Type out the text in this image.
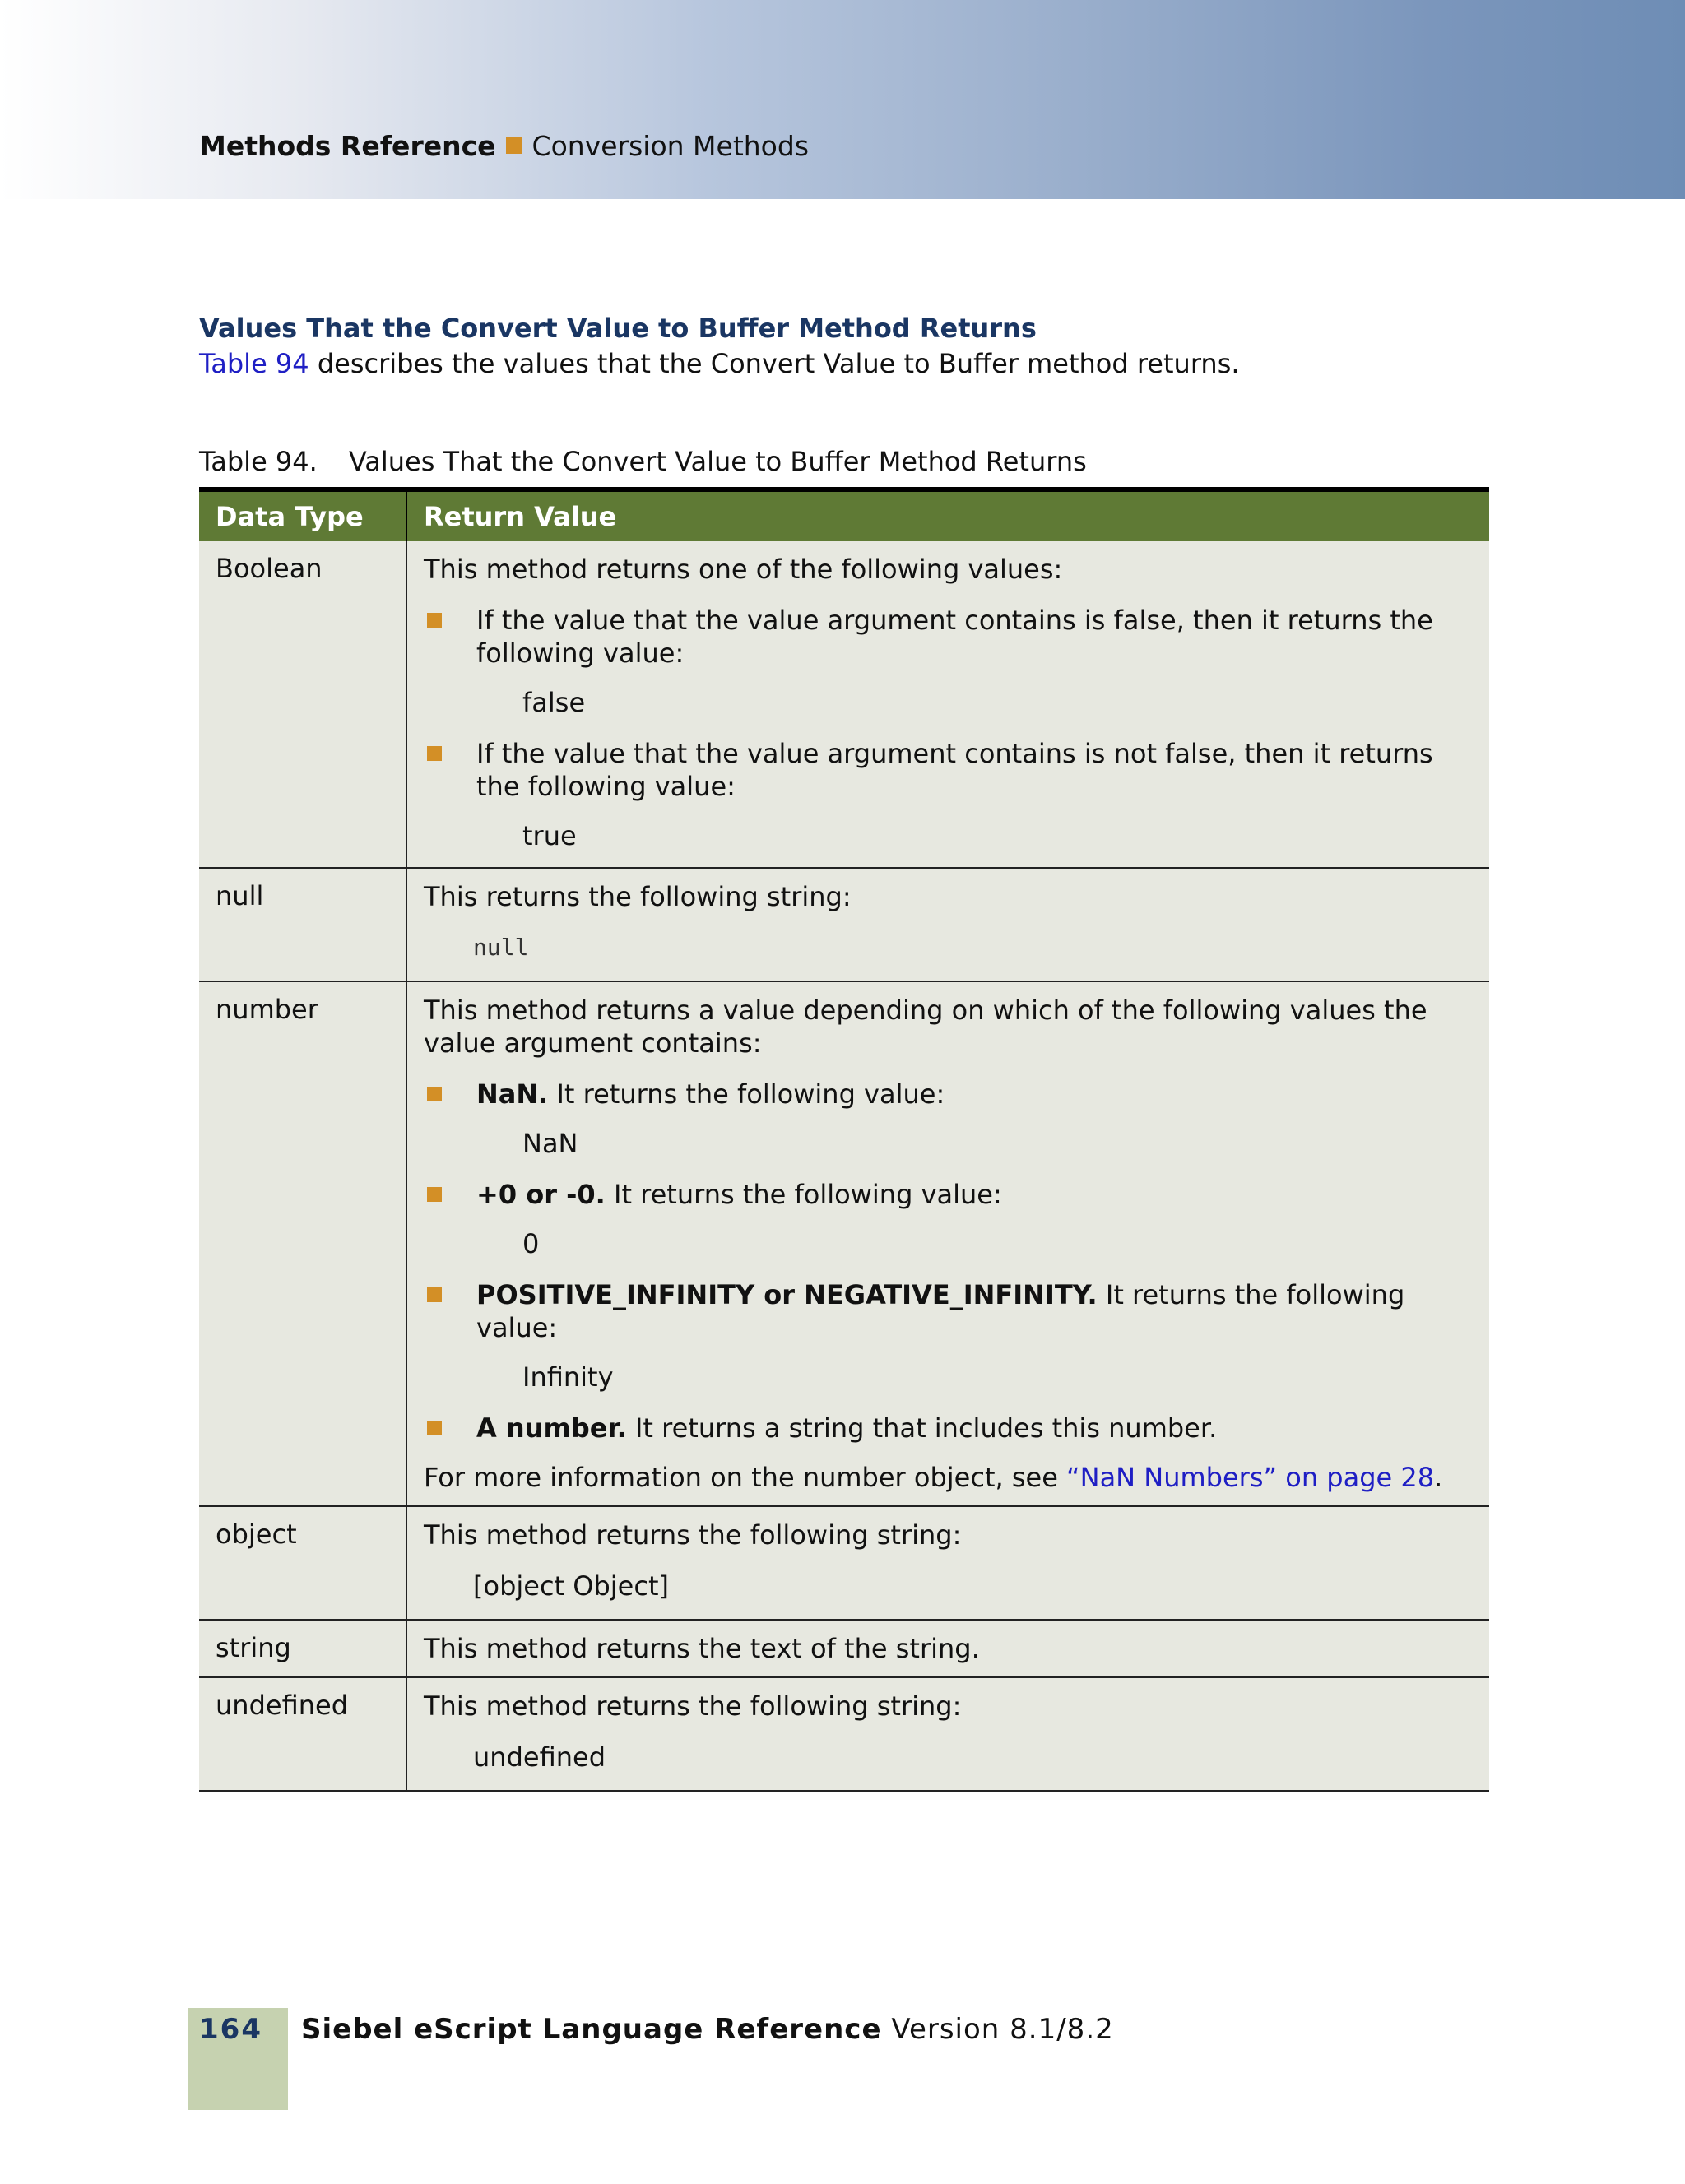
Methods Reference Conversion Methods
Values That the Convert Value to Buffer Method Returns
Table 94 describes the values that the Convert Value to Buffer method returns.
Table 94. Values That the Convert Value to Buffer Method Returns
Data Type	Return Value
Boolean	This method returns one of the following values:
If the value that the value argument contains is false, then it returns the following value:
false
If the value that the value argument contains is not false, then it returns the following value:
true
null	This returns the following string:
null
number	This method returns a value depending on which of the following values the value argument contains:
NaN. It returns the following value:
NaN
+0 or -0. It returns the following value:
0
POSITIVE_INFINITY or NEGATIVE_INFINITY. It returns the following value:
Infinity
A number. It returns a string that includes this number.
For more information on the number object, see “NaN Numbers” on page 28.
object	This method returns the following string:
[object Object]
string	This method returns the text of the string.
undefined	This method returns the following string:
undefined
164 Siebel eScript Language Reference Version 8.1/8.2
